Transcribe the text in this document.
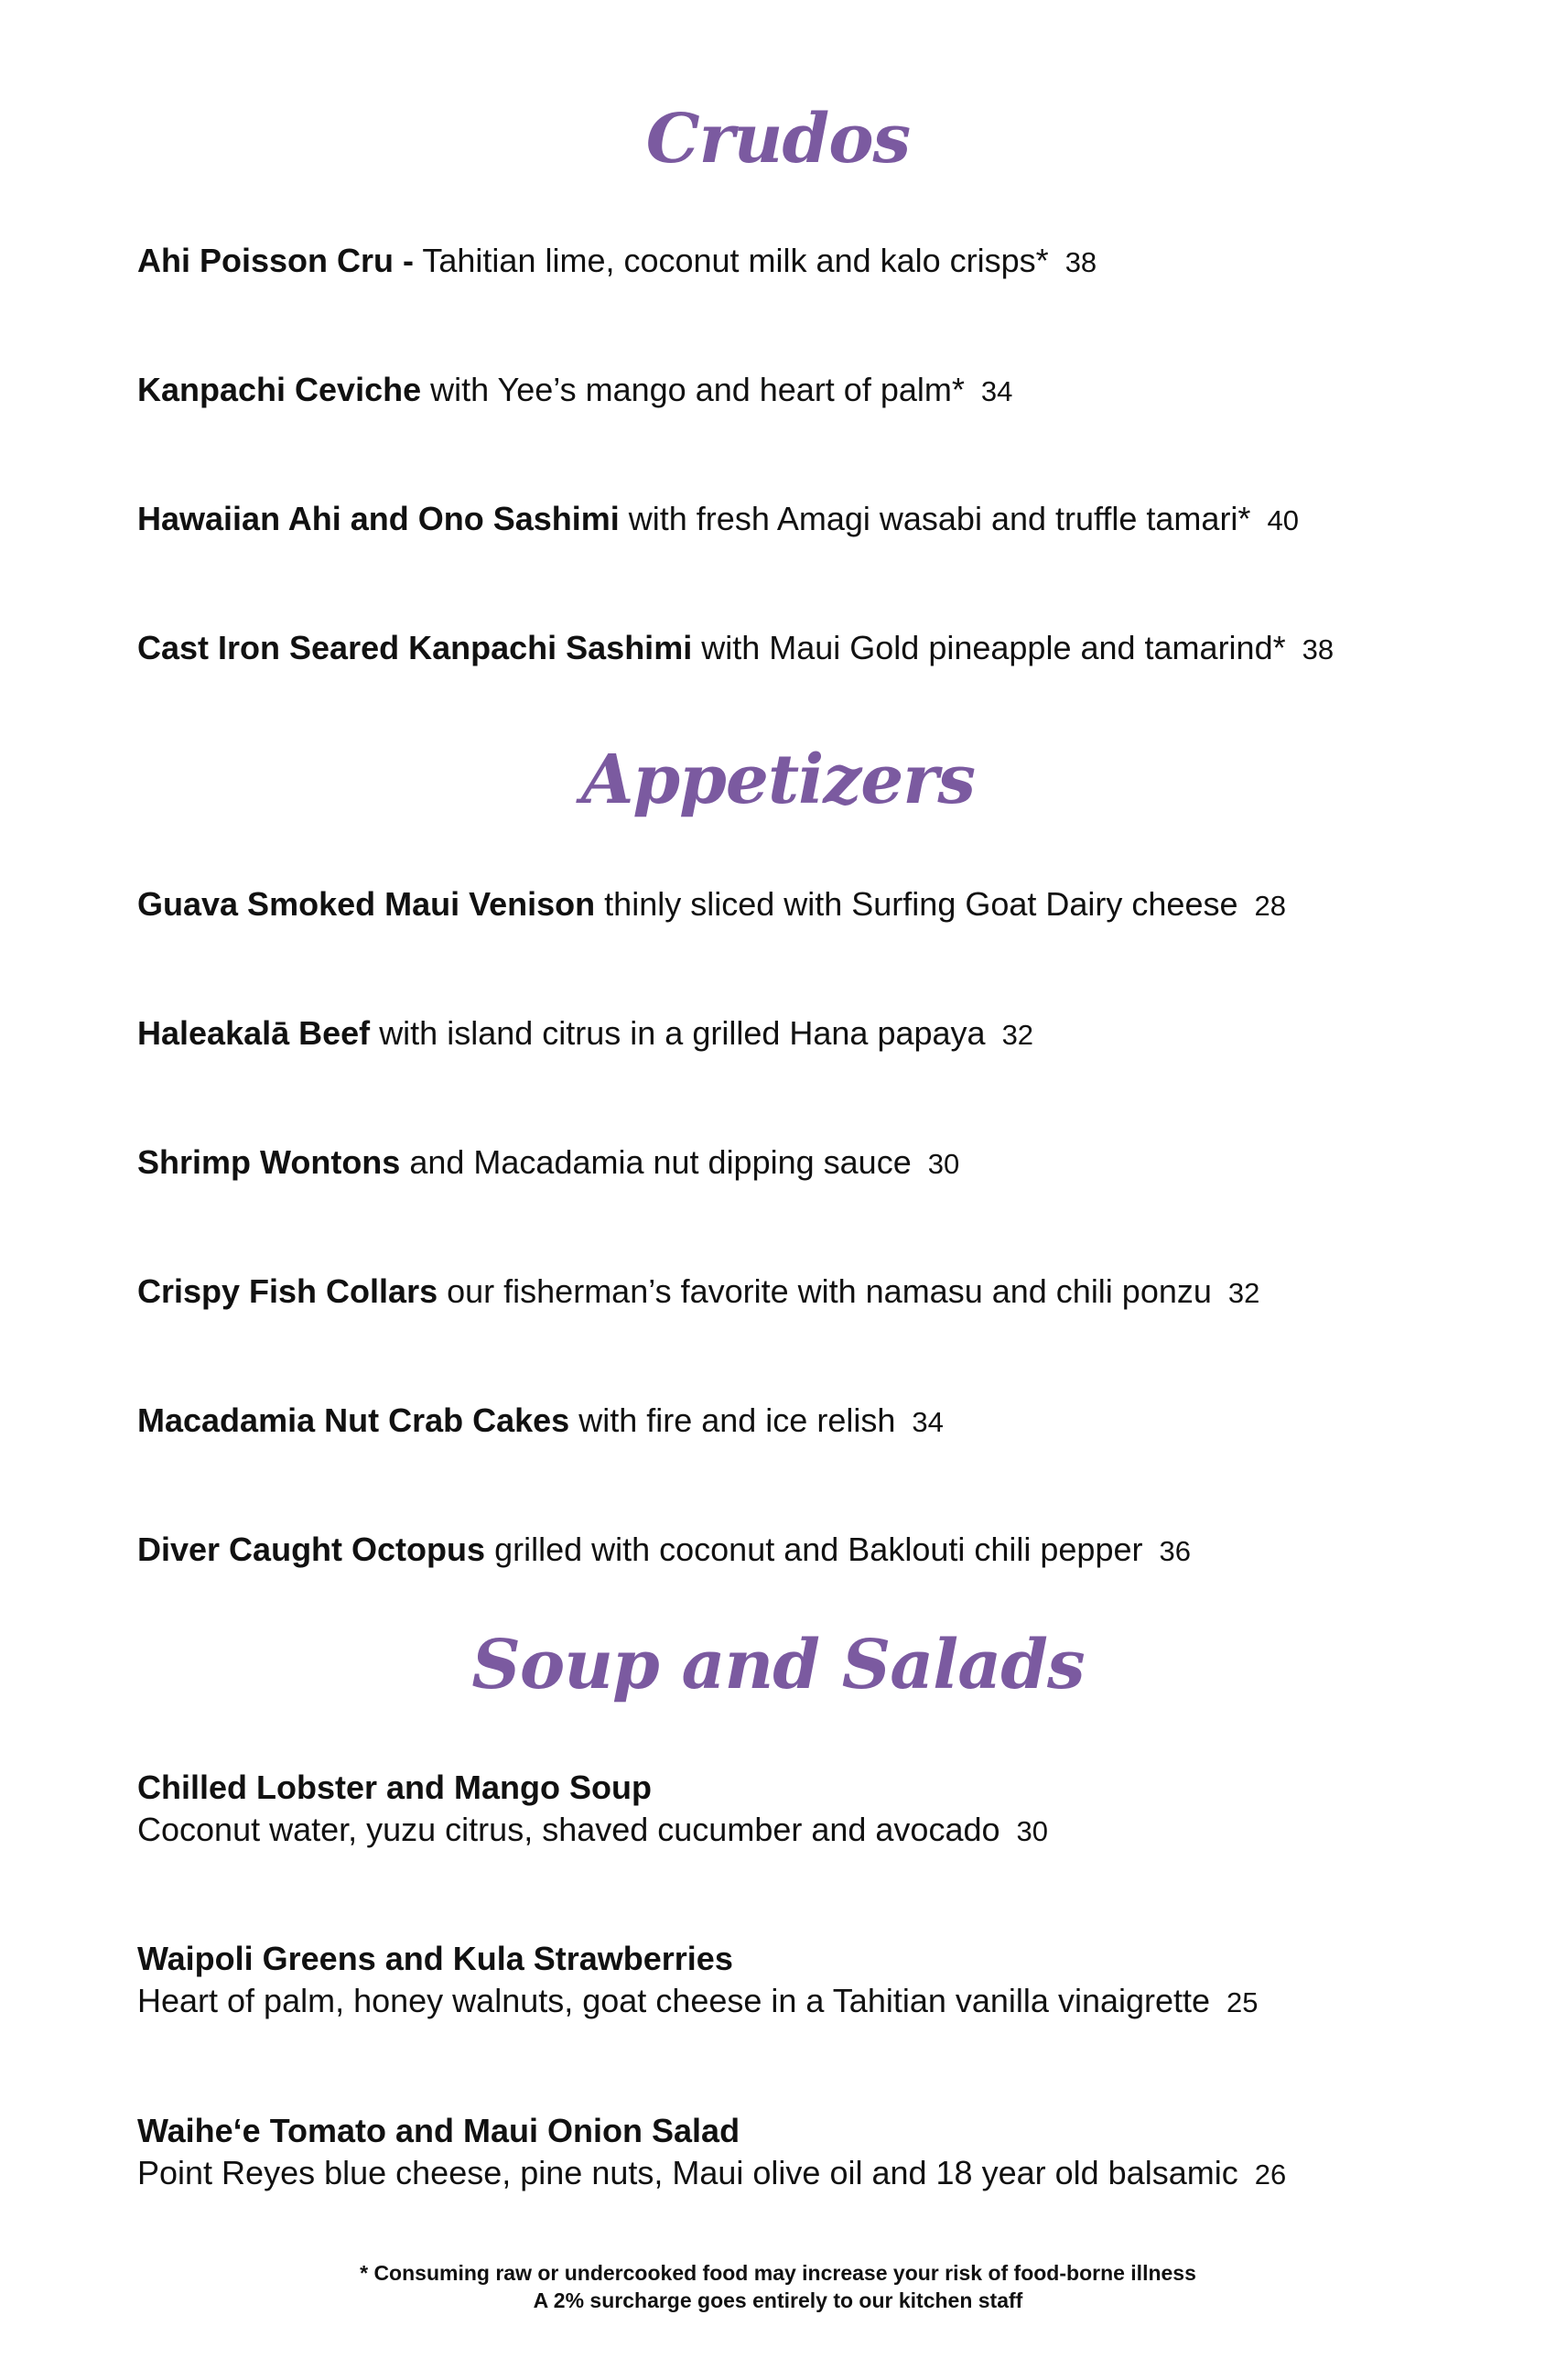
Crudos
Ahi Poisson Cru - Tahitian lime, coconut milk and kalo crisps* 38
Kanpachi Ceviche with Yee’s mango and heart of palm* 34
Hawaiian Ahi and Ono Sashimi with fresh Amagi wasabi and truffle tamari* 40
Cast Iron Seared Kanpachi Sashimi with Maui Gold pineapple and tamarind* 38
Appetizers
Guava Smoked Maui Venison thinly sliced with Surfing Goat Dairy cheese 28
Haleakalā Beef with island citrus in a grilled Hana papaya 32
Shrimp Wontons and Macadamia nut dipping sauce 30
Crispy Fish Collars our fisherman’s favorite with namasu and chili ponzu 32
Macadamia Nut Crab Cakes with fire and ice relish 34
Diver Caught Octopus grilled with coconut and Baklouti chili pepper 36
Soup and Salads
Chilled Lobster and Mango Soup
Coconut water, yuzu citrus, shaved cucumber and avocado 30
Waipoli Greens and Kula Strawberries
Heart of palm, honey walnuts, goat cheese in a Tahitian vanilla vinaigrette 25
Waihe‘e Tomato and Maui Onion Salad
Point Reyes blue cheese, pine nuts, Maui olive oil and 18 year old balsamic 26
* Consuming raw or undercooked food may increase your risk of food-borne illness
A 2% surcharge goes entirely to our kitchen staff
